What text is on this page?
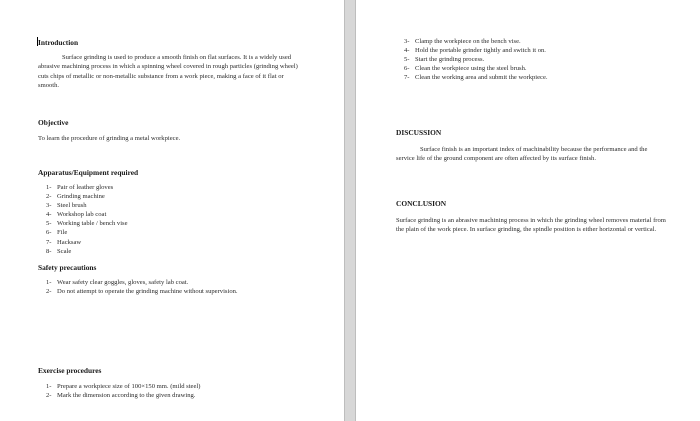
Introduction
Surface grinding is used to produce a smooth finish on flat surfaces. It is a widely used abrasive machining process in which a spinning wheel covered in rough particles (grinding wheel) cuts chips of metallic or non-metallic substance from a work piece, making a face of it flat or smooth.
Objective
To learn the procedure of grinding a metal workpiece.
Apparatus/Equipment required
1- Pair of leather gloves
2- Grinding machine
3- Steel brush
4- Workshop lab coat
5- Working table / bench vise
6- File
7- Hacksaw
8- Scale
Safety precautions
1- Wear safety clear goggles, gloves, safety lab coat.
2- Do not attempt to operate the grinding machine without supervision.
Exercise procedures
1- Prepare a workpiece size of 100×150 mm. (mild steel)
2- Mark the dimension according to the given drawing.
3- Clamp the workpiece on the bench vise.
4- Hold the portable grinder tightly and switch it on.
5- Start the grinding process.
6- Clean the workpiece using the steel brush.
7- Clean the working area and submit the workpiece.
DISCUSSION
Surface finish is an important index of machinability because the performance and the service life of the ground component are often affected by its surface finish.
CONCLUSION
Surface grinding is an abrasive machining process in which the grinding wheel removes material from the plain of the work piece. In surface grinding, the spindle position is either horizontal or vertical.
